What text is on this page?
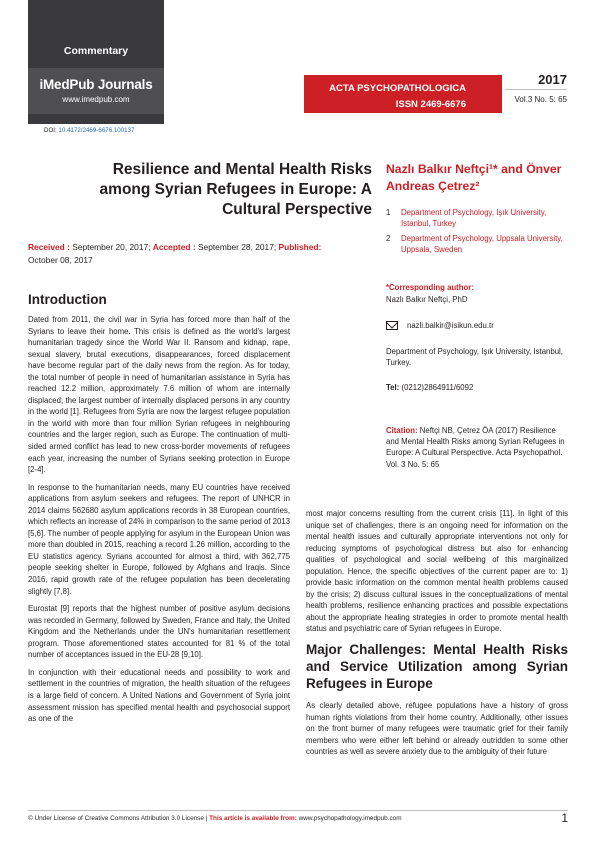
Commentary
iMedPub Journals
www.imedpub.com
ACTA PSYCHOPATHOLOGICA
ISSN 2469-6676
2017
Vol.3 No. 5: 65
DOI: 10.4172/2469-6676.100137
Resilience and Mental Health Risks among Syrian Refugees in Europe: A Cultural Perspective
Received : September 20, 2017; Accepted : September 28, 2017; Published: October 08, 2017
Nazlı Balkır Neftçi¹* and Önver Andreas Çetrez²
1	Department of Psychology, Işık University, Istanbul, Turkey
2	Department of Psychology, Uppsala University, Uppsala, Sweden
*Corresponding author:
Nazlı Balkır Neftçi, PhD
nazli.balkir@isikun.edu.tr
Department of Psychology, Işık University, Istanbul, Turkey.
Tel: (0212)2864911/6092
Citation: Neftçi NB, Çetrez ÖA (2017) Resilience and Mental Health Risks among Syrian Refugees in Europe: A Cultural Perspective. Acta Psychopathol. Vol. 3 No. 5: 65
Introduction

Dated from 2011, the civil war in Syria has forced more than half of the Syrians to leave their home. This crisis is defined as the world's largest humanitarian tragedy since the World War II. Ransom and kidnap, rape, sexual slavery, brutal executions, disappearances, forced displacement have become regular part of the daily news from the region. As for today, the total number of people in need of humanitarian assistance in Syria has reached 12.2 million, approximately 7.6 million of whom are internally displaced; the largest number of internally displaced persons in any country in the world [1]. Refugees from Syria are now the largest refugee population in the world with more than four million Syrian refugees in neighbouring countries and the larger region, such as Europe. The continuation of multi-sided armed conflict has lead to new cross-border movements of refugees each year, increasing the number of Syrians seeking protection in Europe [2-4].

In response to the humanitarian needs, many EU countries have received applications from asylum seekers and refugees. The report of UNHCR in 2014 claims 562680 asylum applications records in 38 European countries, which reflects an increase of 24% in comparison to the same period of 2013 [5,6]. The number of people applying for asylum in the European Union was more than doubled in 2015, reaching a record 1.26 million, according to the EU statistics agency. Syrians accounted for almost a third, with 362,775 people seeking shelter in Europe, followed by Afghans and Iraqis. Since 2016, rapid growth rate of the refugee population has been decelerating slightly [7,8].

Eurostat [9] reports that the highest number of positive asylum decisions was recorded in Germany, followed by Sweden, France and Italy, the United Kingdom and the Netherlands under the UN's humanitarian resettlement program. Those aforementioned states accounted for 81 % of the total number of acceptances issued in the EU-28 [9,10].

In conjunction with their educational needs and possibility to work and settlement in the countries of migration, the health situation of the refugees is a large field of concern. A United Nations and Government of Syria joint assessment mission has specified mental health and psychosocial support as one of the

most major concerns resulting from the current crisis [11]. In light of this unique set of challenges, there is an ongoing need for information on the mental health issues and culturally appropriate interventions not only for reducing symptoms of psychological distress but also for enhancing qualities of psychological and social wellbeing of this marginalized population. Hence, the specific objectives of the current paper are to: 1) provide basic information on the common mental health problems caused by the crisis; 2) discuss cultural issues in the conceptualizations of mental health problems, resilience enhancing practices and possible expectations about the appropriate healing strategies in order to promote mental health status and psychiatric care of Syrian refugees in Europe.

Major Challenges: Mental Health Risks and Service Utilization among Syrian Refugees in Europe

As clearly detailed above, refugee populations have a history of gross human rights violations from their home country. Additionally, other issues on the front burner of many refugees were traumatic grief for their family members who were either left behind or already outridden to some other countries as well as severe anxiety due to the ambiguity of their future

© Under License of Creative Commons Attribution 3.0 License | This article is available from: www.psychopathology.imedpub.com	1
